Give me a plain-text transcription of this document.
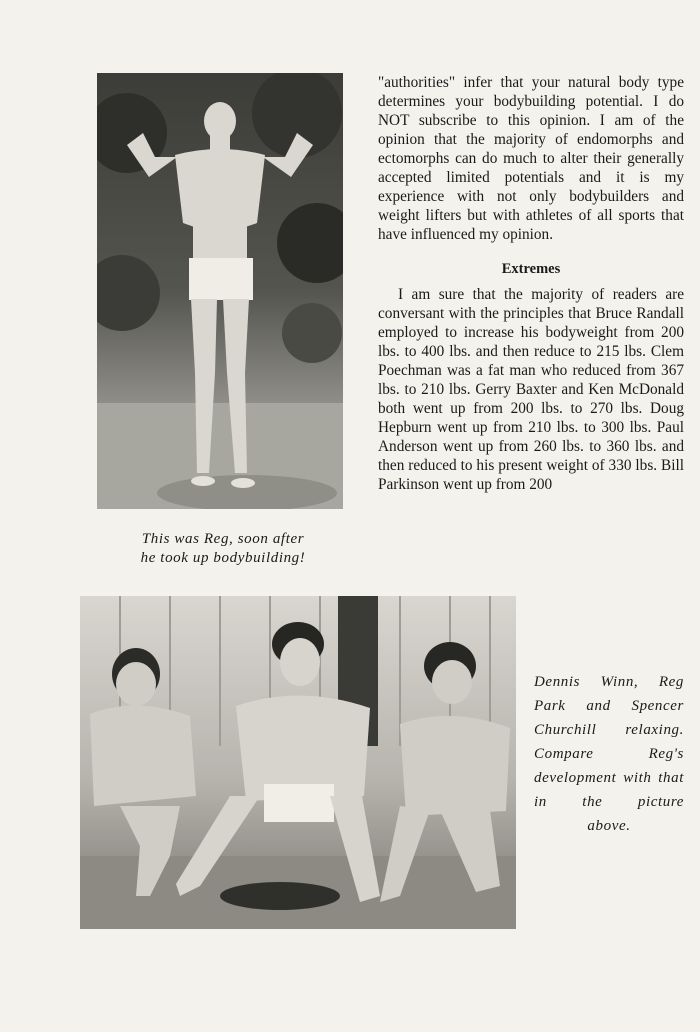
This was Reg, soon after
he took up bodybuilding!

"authorities" infer that your natural body type determines your bodybuilding potential. I do NOT subscribe to this opinion. I am of the opinion that the majority of endomorphs and ectomorphs can do much to alter their generally accepted limited potentials and it is my experience with not only bodybuilders and weight lifters but with athletes of all sports that have influenced my opinion.

Extremes

I am sure that the majority of readers are conversant with the principles that Bruce Randall employed to increase his bodyweight from 200 lbs. to 400 lbs. and then reduce to 215 lbs. Clem Poechman was a fat man who reduced from 367 lbs. to 210 lbs. Gerry Baxter and Ken McDonald both went up from 200 lbs. to 270 lbs. Doug Hepburn went up from 210 lbs. to 300 lbs. Paul Anderson went up from 260 lbs. to 360 lbs. and then reduced to his present weight of 330 lbs. Bill Parkinson went up from 200

Dennis Winn, Reg Park and Spencer Churchill relaxing. Compare Reg's development with that in the picture
above.
